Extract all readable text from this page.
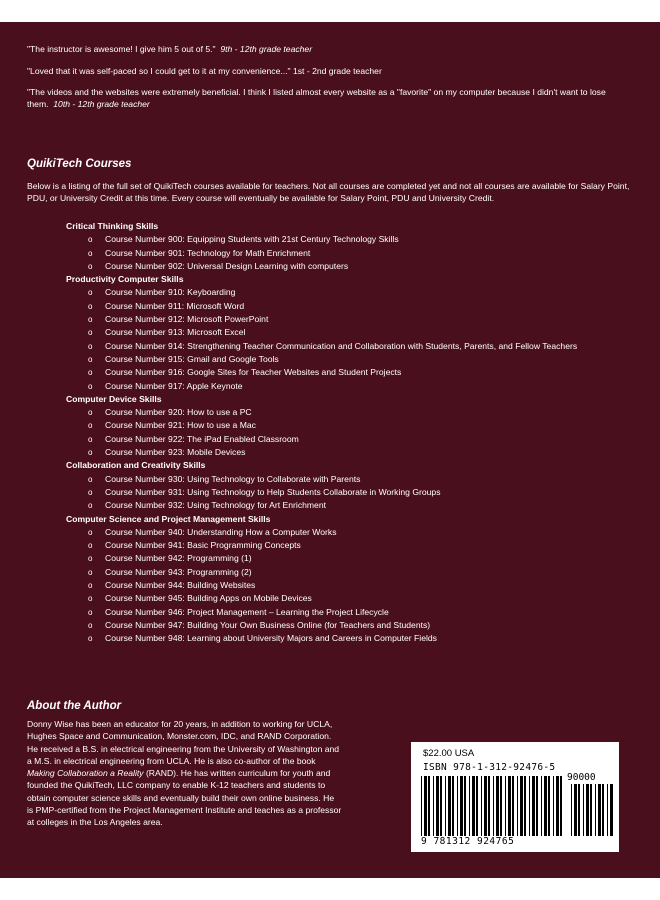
"The instructor is awesome! I give him 5 out of 5." 9th - 12th grade teacher

"Loved that it was self-paced so I could get to it at my convenience..." 1st - 2nd grade teacher

"The videos and the websites were extremely beneficial. I think I listed almost every website as a "favorite" on my computer because I didn't want to lose them. 10th - 12th grade teacher

QuikiTech Courses
Below is a listing of the full set of QuikiTech courses available for teachers. Not all courses are completed yet and not all courses are available for Salary Point, PDU, or University Credit at this time. Every course will eventually be available for Salary Point, PDU and University Credit.
Critical Thinking Skills
o Course Number 900: Equipping Students with 21st Century Technology Skills
o Course Number 901: Technology for Math Enrichment
o Course Number 902: Universal Design Learning with computers
Productivity Computer Skills
o Course Number 910: Keyboarding
o Course Number 911: Microsoft Word
o Course Number 912: Microsoft PowerPoint
o Course Number 913: Microsoft Excel
o Course Number 914: Strengthening Teacher Communication and Collaboration with Students, Parents, and Fellow Teachers
o Course Number 915: Gmail and Google Tools
o Course Number 916: Google Sites for Teacher Websites and Student Projects
o Course Number 917: Apple Keynote
Computer Device Skills
o Course Number 920: How to use a PC
o Course Number 921: How to use a Mac
o Course Number 922: The iPad Enabled Classroom
o Course Number 923: Mobile Devices
Collaboration and Creativity Skills
o Course Number 930: Using Technology to Collaborate with Parents
o Course Number 931: Using Technology to Help Students Collaborate in Working Groups
o Course Number 932: Using Technology for Art Enrichment
Computer Science and Project Management Skills
o Course Number 940: Understanding How a Computer Works
o Course Number 941: Basic Programming Concepts
o Course Number 942: Programming (1)
o Course Number 943: Programming (2)
o Course Number 944: Building Websites
o Course Number 945: Building Apps on Mobile Devices
o Course Number 946: Project Management – Learning the Project Lifecycle
o Course Number 947: Building Your Own Business Online (for Teachers and Students)
o Course Number 948: Learning about University Majors and Careers in Computer Fields
About the Author
Donny Wise has been an educator for 20 years, in addition to working for UCLA, Hughes Space and Communication, Monster.com, IDC, and RAND Corporation. He received a B.S. in electrical engineering from the University of Washington and a M.S. in electrical engineering from UCLA. He is also co-author of the book Making Collaboration a Reality (RAND). He has written curriculum for youth and founded the QuikiTech, LLC company to enable K-12 teachers and students to obtain computer science skills and eventually build their own online business. He is PMP-certified from the Project Management Institute and teaches as a professor at colleges in the Los Angeles area.
$22.00 USA
ISBN 978-1-312-92476-5
90000
9 781312 924765
